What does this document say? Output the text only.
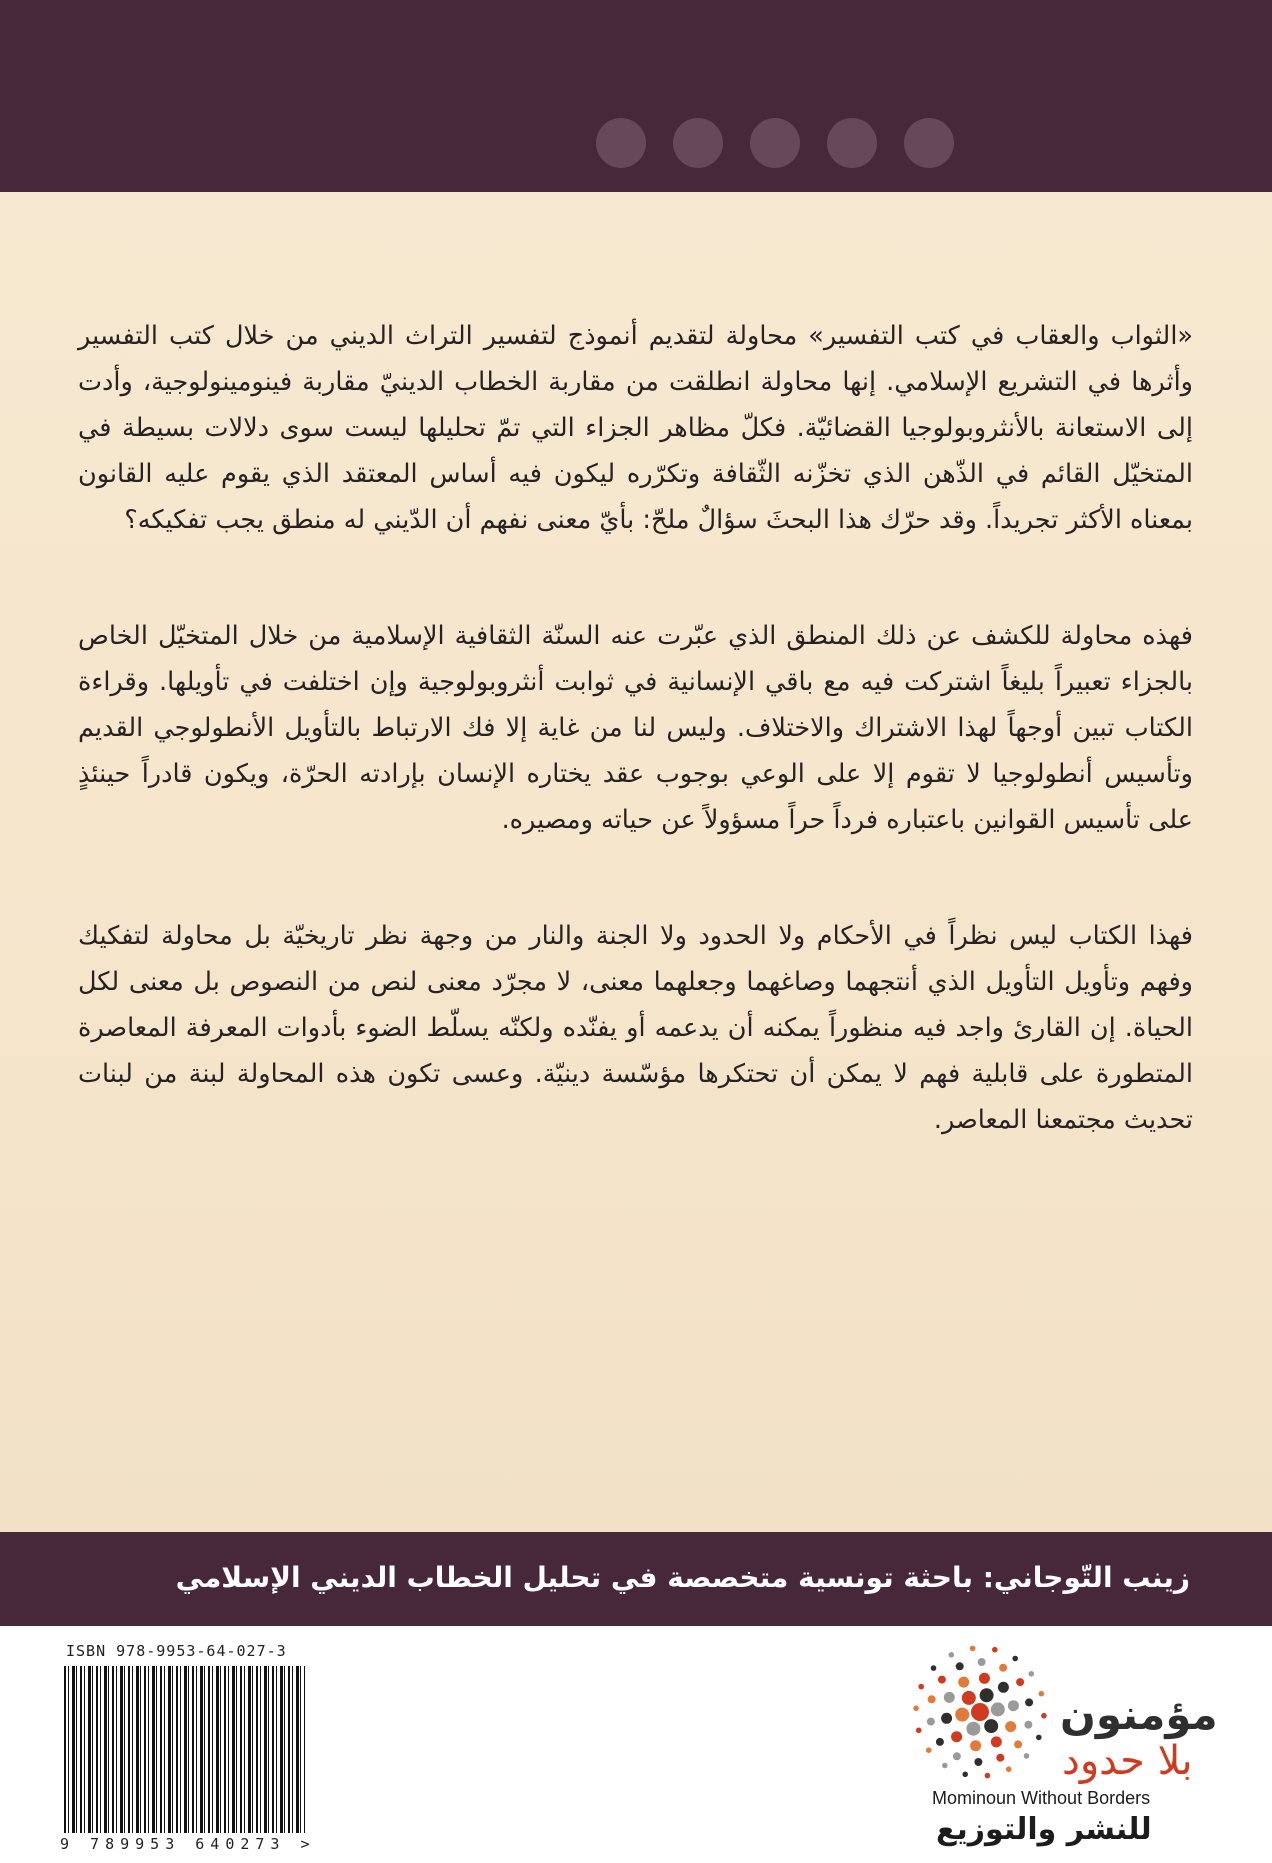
«الثواب والعقاب في كتب التفسير» محاولة لتقديم أنموذج لتفسير التراث الديني من خلال كتب التفسير وأثرها في التشريع الإسلامي. إنها محاولة انطلقت من مقاربة الخطاب الدينيّ مقاربة فينومينولوجية، وأدت إلى الاستعانة بالأنثروبولوجيا القضائيّة. فكلّ مظاهر الجزاء التي تمّ تحليلها ليست سوى دلالات بسيطة في المتخيّل القائم في الذّهن الذي تخزّنه الثّقافة وتكرّره ليكون فيه أساس المعتقد الذي يقوم عليه القانون بمعناه الأكثر تجريداً. وقد حرّك هذا البحثَ سؤالٌ ملحّ: بأيّ معنى نفهم أن الدّيني له منطق يجب تفكيكه؟

فهذه محاولة للكشف عن ذلك المنطق الذي عبّرت عنه السنّة الثقافية الإسلامية من خلال المتخيّل الخاص بالجزاء تعبيراً بليغاً اشتركت فيه مع باقي الإنسانية في ثوابت أنثروبولوجية وإن اختلفت في تأويلها. وقراءة الكتاب تبين أوجهاً لهذا الاشتراك والاختلاف. وليس لنا من غاية إلا فك الارتباط بالتأويل الأنطولوجي القديم وتأسيس أنطولوجيا لا تقوم إلا على الوعي بوجوب عقد يختاره الإنسان بإرادته الحرّة، ويكون قادراً حينئذٍ على تأسيس القوانين باعتباره فرداً حراً مسؤولاً عن حياته ومصيره.

فهذا الكتاب ليس نظراً في الأحكام ولا الحدود ولا الجنة والنار من وجهة نظر تاريخيّة بل محاولة لتفكيك وفهم وتأويل التأويل الذي أنتجهما وصاغهما وجعلهما معنى، لا مجرّد معنى لنص من النصوص بل معنى لكل الحياة. إن القارئ واجد فيه منظوراً يمكنه أن يدعمه أو يفنّده ولكنّه يسلّط الضوء بأدوات المعرفة المعاصرة المتطورة على قابلية فهم لا يمكن أن تحتكرها مؤسّسة دينيّة. وعسى تكون هذه المحاولة لبنة من لبنات تحديث مجتمعنا المعاصر.

زينب التّوجاني: باحثة تونسية متخصصة في تحليل الخطاب الديني الإسلامي
ISBN 978-9953-64-027-3
9 789953 640273 >
مؤمنون
بلا حدود
Mominoun Without Borders
للنشر والتوزيع
